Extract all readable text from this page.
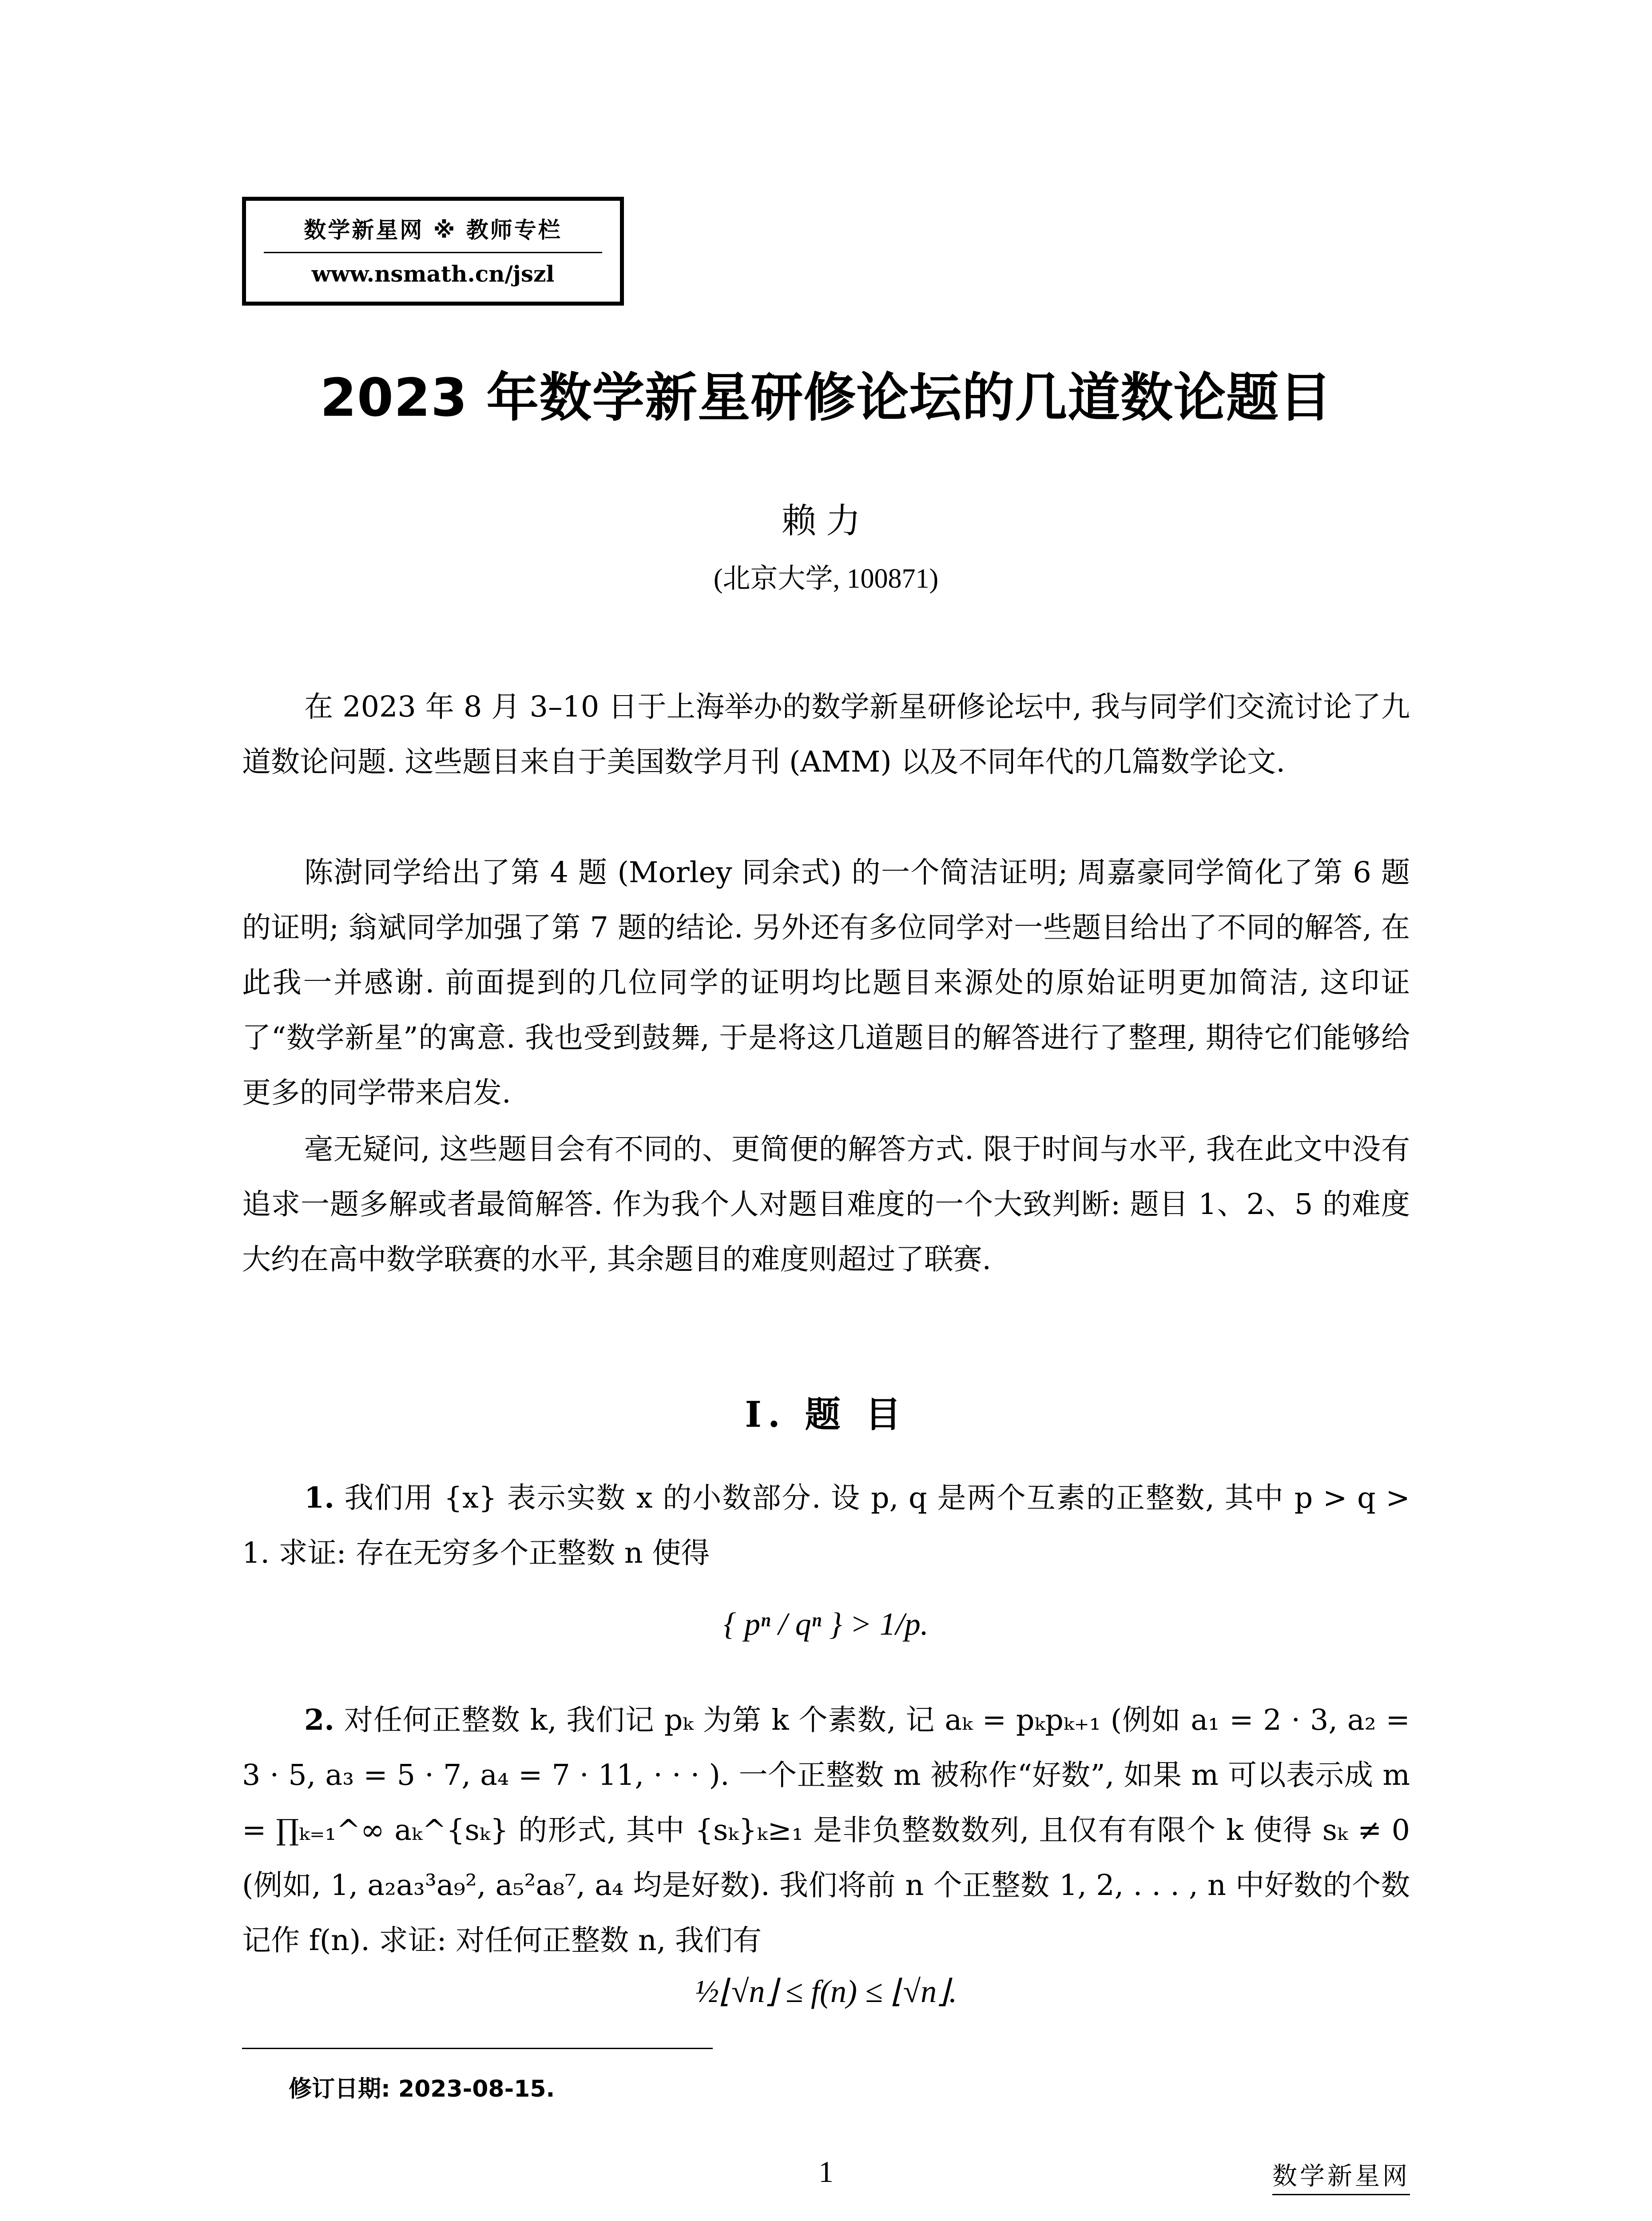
数学新星网 ※ 教师专栏
www.nsmath.cn/jszl
2023 年数学新星研修论坛的几道数论题目
赖力
(北京大学, 100871)

在 2023 年 8 月 3–10 日于上海举办的数学新星研修论坛中, 我与同学们交流讨论了九道数论问题. 这些题目来自于美国数学月刊 (AMM) 以及不同年代的几篇数学论文.

陈澍同学给出了第 4 题 (Morley 同余式) 的一个简洁证明; 周嘉豪同学简化了第 6 题的证明; 翁斌同学加强了第 7 题的结论. 另外还有多位同学对一些题目给出了不同的解答, 在此我一并感谢. 前面提到的几位同学的证明均比题目来源处的原始证明更加简洁, 这印证了“数学新星”的寓意. 我也受到鼓舞, 于是将这几道题目的解答进行了整理, 期待它们能够给更多的同学带来启发.

毫无疑问, 这些题目会有不同的、更简便的解答方式. 限于时间与水平, 我在此文中没有追求一题多解或者最简解答. 作为我个人对题目难度的一个大致判断: 题目 1、2、5 的难度大约在高中数学联赛的水平, 其余题目的难度则超过了联赛.

I. 题 目

1. 我们用 {x} 表示实数 x 的小数部分. 设 p, q 是两个互素的正整数, 其中 p > q > 1. 求证: 存在无穷多个正整数 n 使得

{ pⁿ / qⁿ } > 1/p.

2. 对任何正整数 k, 我们记 pₖ 为第 k 个素数, 记 aₖ = pₖpₖ₊₁ (例如 a₁ = 2 · 3, a₂ = 3 · 5, a₃ = 5 · 7, a₄ = 7 · 11, · · · ). 一个正整数 m 被称作“好数”, 如果 m 可以表示成 m = ∏ₖ₌₁^∞ aₖ^{sₖ} 的形式, 其中 {sₖ}ₖ≥₁ 是非负整数数列, 且仅有有限个 k 使得 sₖ ≠ 0 (例如, 1, a₂a₃³a₉², a₅²a₈⁷, a₄ 均是好数). 我们将前 n 个正整数 1, 2, . . . , n 中好数的个数记作 f(n). 求证: 对任何正整数 n, 我们有

½⌊√n⌋ ≤ f(n) ≤ ⌊√n⌋.
修订日期: 2023-08-15.
1	数学新星网
